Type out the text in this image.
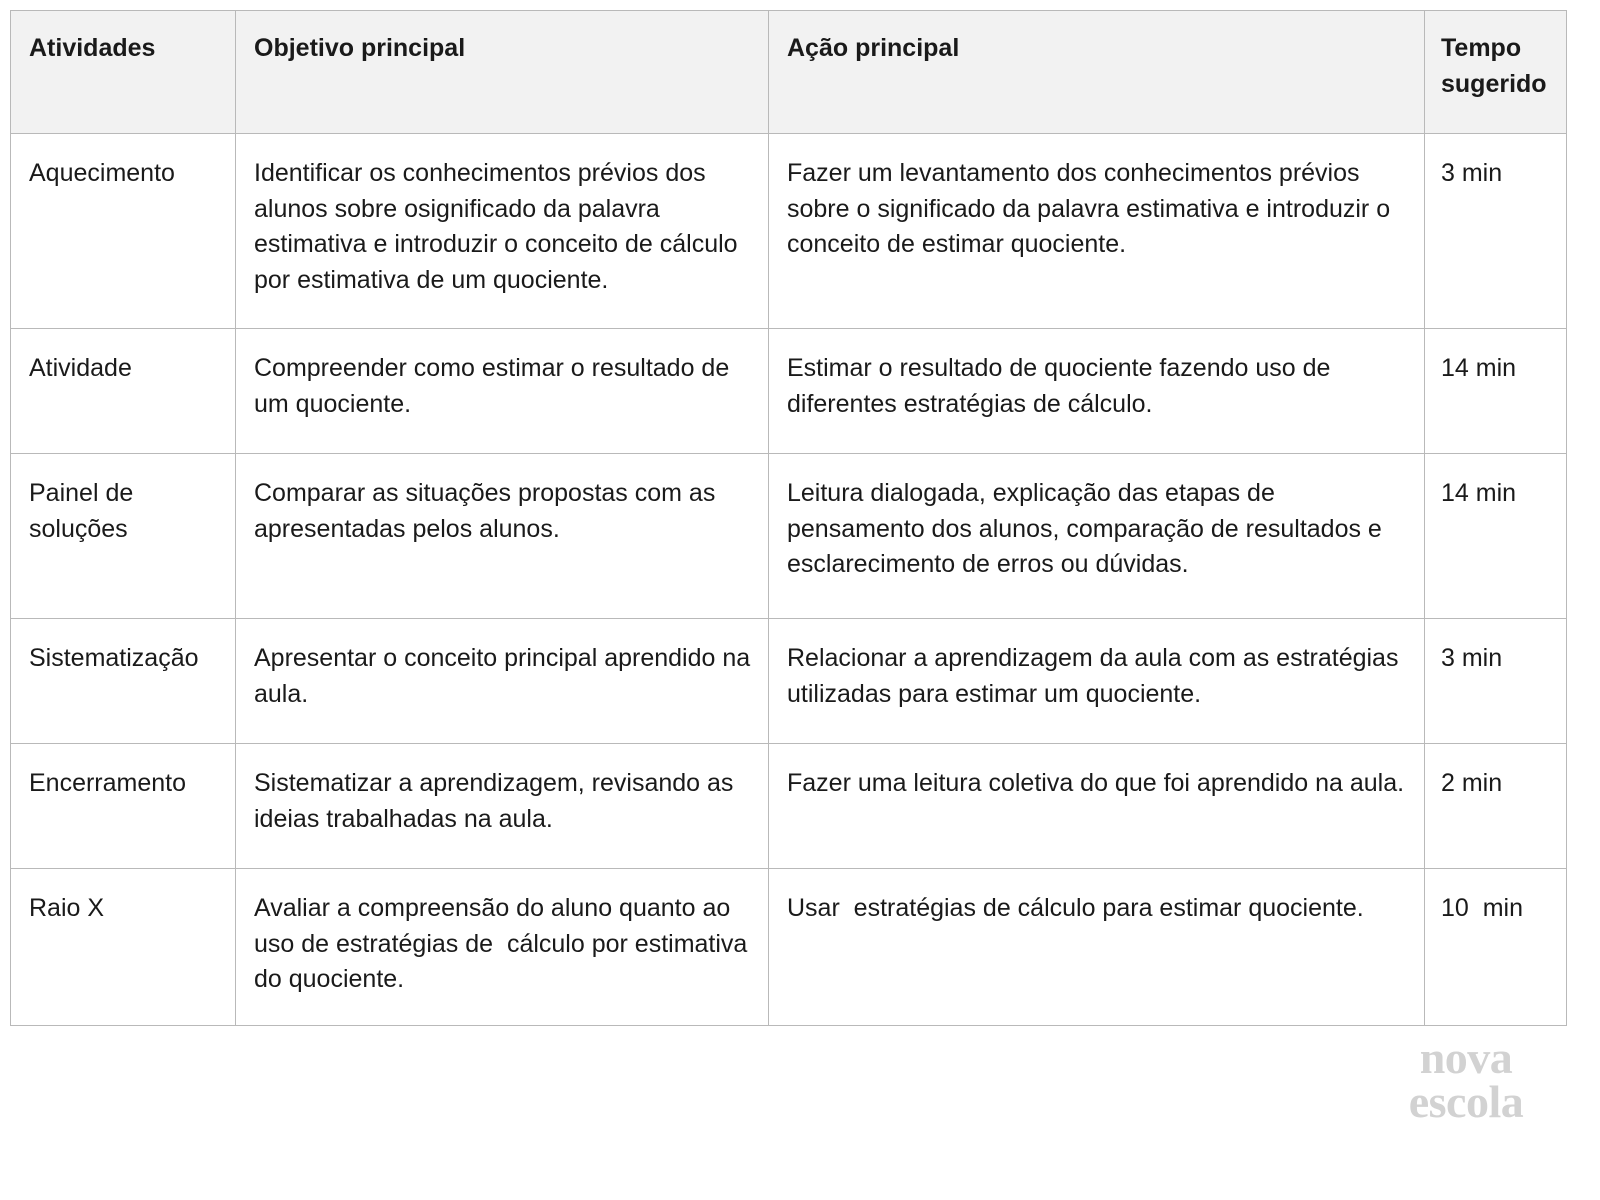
Atividades	Objetivo principal	Ação principal	Tempo sugerido
Aquecimento	Identificar os conhecimentos prévios dos alunos sobre osignificado da palavra estimativa e introduzir o conceito de cálculo por estimativa de um quociente.	Fazer um levantamento dos conhecimentos prévios sobre o significado da palavra estimativa e introduzir o conceito de estimar quociente.	3 min
Atividade	Compreender como estimar o resultado de um quociente.	Estimar o resultado de quociente fazendo uso de diferentes estratégias de cálculo.	14 min
Painel de soluções	Comparar as situações propostas com as apresentadas pelos alunos.	Leitura dialogada, explicação das etapas de pensamento dos alunos, comparação de resultados e esclarecimento de erros ou dúvidas.	14 min
Sistematização	Apresentar o conceito principal aprendido na aula.	Relacionar a aprendizagem da aula com as estratégias utilizadas para estimar um quociente.	3 min
Encerramento	Sistematizar a aprendizagem, revisando as ideias trabalhadas na aula.	Fazer uma leitura coletiva do que foi aprendido na aula.	2 min
Raio X	Avaliar a compreensão do aluno quanto ao  uso de estratégias de  cálculo por estimativa  do quociente.	Usar  estratégias de cálculo para estimar quociente.	10  min
nova
escola
